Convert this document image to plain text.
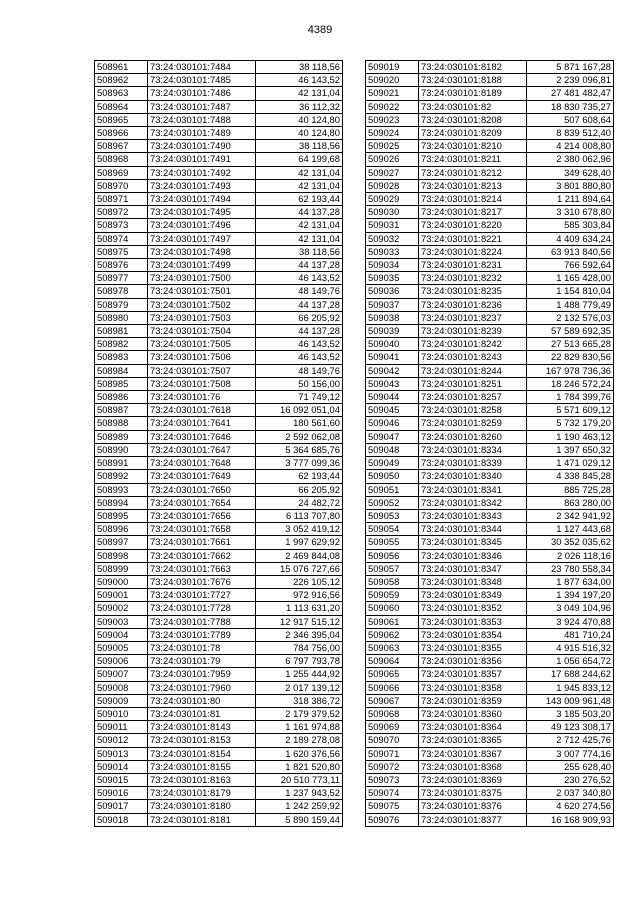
4389
508961	73:24:030101:7484	38 118,56
508962	73:24:030101:7485	46 143,52
508963	73:24:030101:7486	42 131,04
508964	73:24:030101:7487	36 112,32
508965	73:24:030101:7488	40 124,80
508966	73:24:030101:7489	40 124,80
508967	73:24:030101:7490	38 118,56
508968	73:24:030101:7491	64 199,68
508969	73:24:030101:7492	42 131,04
508970	73:24:030101:7493	42 131,04
508971	73:24:030101:7494	62 193,44
508972	73:24:030101:7495	44 137,28
508973	73:24:030101:7496	42 131,04
508974	73:24:030101:7497	42 131,04
508975	73:24:030101:7498	38 118,56
508976	73:24:030101:7499	44 137,28
508977	73:24:030101:7500	46 143,52
508978	73:24:030101:7501	48 149,76
508979	73:24:030101:7502	44 137,28
508980	73:24:030101:7503	66 205,92
508981	73:24:030101:7504	44 137,28
508982	73:24:030101:7505	46 143,52
508983	73:24:030101:7506	46 143,52
508984	73:24:030101:7507	48 149,76
508985	73:24:030101:7508	50 156,00
508986	73:24:030101:76	71 749,12
508987	73:24:030101:7618	16 092 051,04
508988	73:24:030101:7641	180 561,60
508989	73:24:030101:7646	2 592 062,08
508990	73:24:030101:7647	5 364 685,76
508991	73:24:030101:7648	3 777 099,36
508992	73:24:030101:7649	62 193,44
508993	73:24:030101:7650	66 205,92
508994	73:24:030101:7654	24 482,72
508995	73:24:030101:7656	6 113 707,80
508996	73:24:030101:7658	3 052 419,12
508997	73:24:030101:7661	1 997 629,92
508998	73:24:030101:7662	2 469 844,08
508999	73:24:030101:7663	15 076 727,66
509000	73:24:030101:7676	226 105,12
509001	73:24:030101:7727	972 916,56
509002	73:24:030101:7728	1 113 631,20
509003	73:24:030101:7788	12 917 515,12
509004	73:24:030101:7789	2 346 395,04
509005	73:24:030101:78	784 756,00
509006	73:24:030101:79	6 797 793,78
509007	73:24:030101:7959	1 255 444,92
509008	73:24:030101:7960	2 017 139,12
509009	73:24:030101:80	318 386,72
509010	73:24:030101:81	2 179 379,52
509011	73:24:030101:8143	1 161 974,88
509012	73:24:030101:8153	2 189 278,08
509013	73:24:030101:8154	1 620 376,56
509014	73:24:030101:8155	1 821 520,80
509015	73:24:030101:8163	20 510 773,11
509016	73:24:030101:8179	1 237 943,52
509017	73:24:030101:8180	1 242 259,92
509018	73:24:030101:8181	5 890 159,44
509019	73:24:030101:8182	5 871 167,28
509020	73:24:030101:8188	2 239 096,81
509021	73:24:030101:8189	27 481 482,47
509022	73:24:030101:82	18 830 735,27
509023	73:24:030101:8208	507 608,64
509024	73:24:030101:8209	8 839 512,40
509025	73:24:030101:8210	4 214 008,80
509026	73:24:030101:8211	2 380 062,96
509027	73:24:030101:8212	349 628,40
509028	73:24:030101:8213	3 801 880,80
509029	73:24:030101:8214	1 211 894,64
509030	73:24:030101:8217	3 310 678,80
509031	73:24:030101:8220	585 303,84
509032	73:24:030101:8221	4 409 634,24
509033	73:24:030101:8224	63 913 840,56
509034	73:24:030101:8231	766 592,64
509035	73:24:030101:8232	1 165 428,00
509036	73:24:030101:8235	1 154 810,04
509037	73:24:030101:8236	1 488 779,49
509038	73:24:030101:8237	2 132 576,03
509039	73:24:030101:8239	57 589 692,35
509040	73:24:030101:8242	27 513 665,28
509041	73:24:030101:8243	22 829 830,56
509042	73:24:030101:8244	167 978 736,36
509043	73:24:030101:8251	18 246 572,24
509044	73:24:030101:8257	1 784 399,76
509045	73:24:030101:8258	5 571 609,12
509046	73:24:030101:8259	5 732 179,20
509047	73:24:030101:8260	1 190 463,12
509048	73:24:030101:8334	1 397 650,32
509049	73:24:030101:8339	1 471 029,12
509050	73:24:030101:8340	4 338 845,28
509051	73:24:030101:8341	885 725,28
509052	73:24:030101:8342	863 280,00
509053	73:24:030101:8343	2 342 941,92
509054	73:24:030101:8344	1 127 443,68
509055	73:24:030101:8345	30 352 035,62
509056	73:24:030101:8346	2 026 118,16
509057	73:24:030101:8347	23 780 558,34
509058	73:24:030101:8348	1 877 634,00
509059	73:24:030101:8349	1 394 197,20
509060	73:24:030101:8352	3 049 104,96
509061	73:24:030101:8353	3 924 470,88
509062	73:24:030101:8354	481 710,24
509063	73:24:030101:8355	4 915 516,32
509064	73:24:030101:8356	1 056 654,72
509065	73:24:030101:8357	17 688 244,62
509066	73:24:030101:8358	1 945 833,12
509067	73:24:030101:8359	143 009 961,48
509068	73:24:030101:8360	3 185 503,20
509069	73:24:030101:8364	49 123 308,17
509070	73:24:030101:8365	2 712 425,76
509071	73:24:030101:8367	3 007 774,16
509072	73:24:030101:8368	255 628,40
509073	73:24:030101:8369	230 276,52
509074	73:24:030101:8375	2 037 340,80
509075	73:24:030101:8376	4 620 274,56
509076	73:24:030101:8377	16 168 909,93
